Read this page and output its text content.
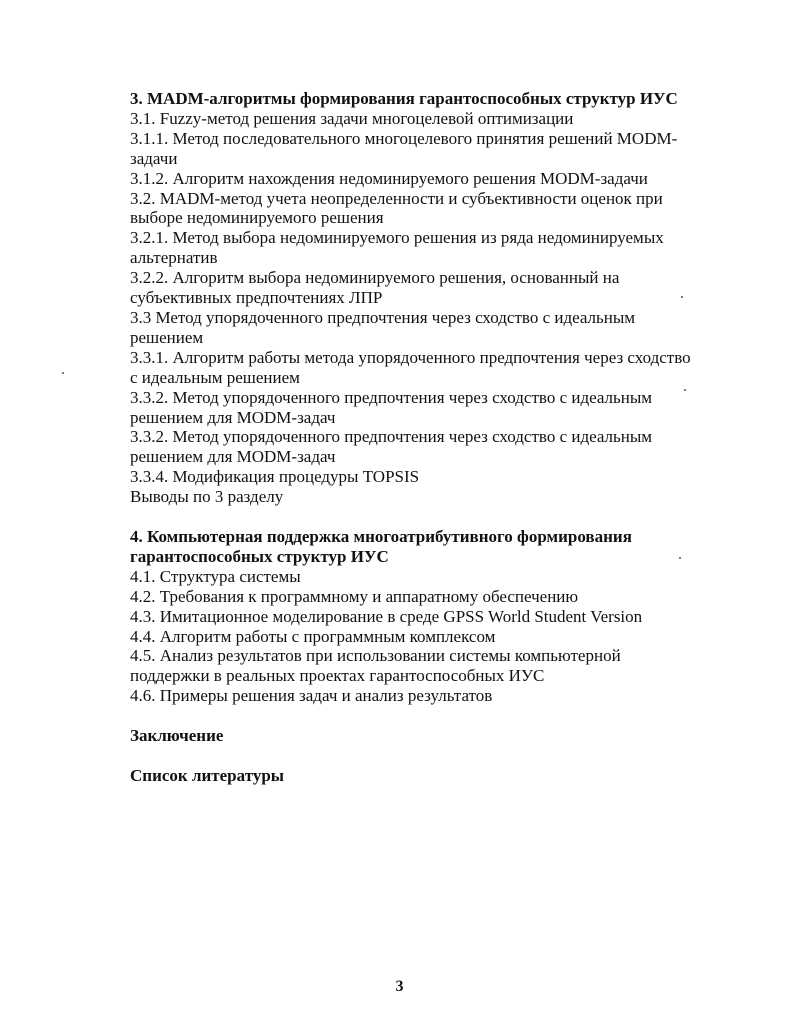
3. MADM-алгоритмы формирования гарантоспособных структур ИУС
3.1. Fuzzy-метод решения задачи многоцелевой оптимизации
3.1.1. Метод последовательного многоцелевого принятия решений MODM-
задачи
3.1.2. Алгоритм нахождения недоминируемого решения MODM-задачи
3.2. MADM-метод учета неопределенности и субъективности оценок при
выборе недоминируемого решения
3.2.1. Метод выбора недоминируемого решения из ряда недоминируемых
альтернатив
3.2.2. Алгоритм выбора недоминируемого решения, основанный на
субъективных предпочтениях ЛПР
3.3 Метод упорядоченного предпочтения через сходство с идеальным
решением
3.3.1. Алгоритм работы метода упорядоченного предпочтения через сходство
с идеальным решением
3.3.2. Метод упорядоченного предпочтения через сходство с идеальным
решением для MODM-задач
3.3.2. Метод упорядоченного предпочтения через сходство с идеальным
решением для MODM-задач
3.3.4. Модификация процедуры TOPSIS
Выводы по 3 разделу
4. Компьютерная поддержка многоатрибутивного формирования
гарантоспособных структур ИУС
4.1. Структура системы
4.2. Требования к программному и аппаратному обеспечению
4.3. Имитационное моделирование в среде GPSS World Student Version
4.4. Алгоритм работы с программным комплексом
4.5. Анализ результатов при использовании системы компьютерной
поддержки в реальных проектах гарантоспособных ИУС
4.6. Примеры решения задач и анализ результатов
Заключение
Список литературы
3
